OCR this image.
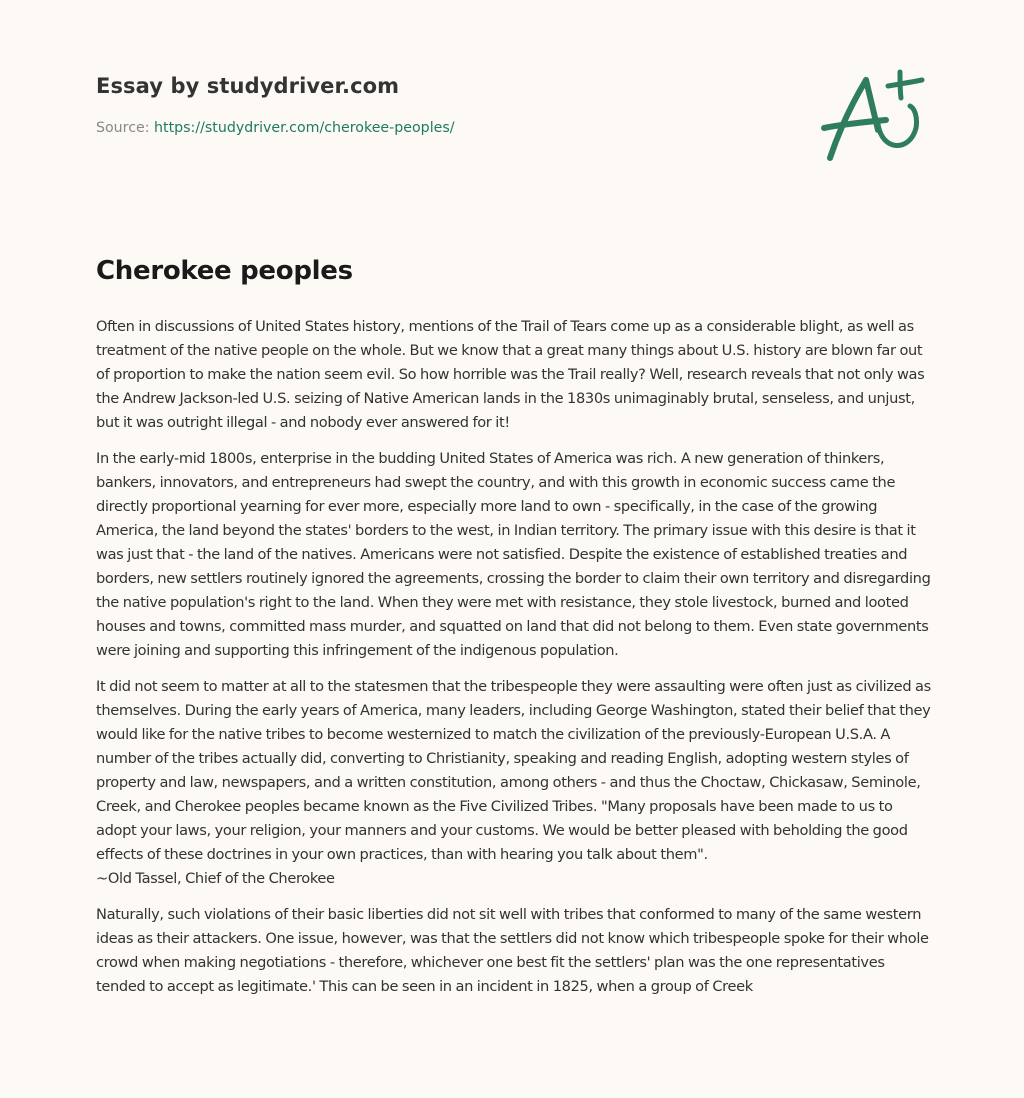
Essay by studydriver.com
Source: https://studydriver.com/cherokee-peoples/
Cherokee peoples

Often in discussions of United States history, mentions of the Trail of Tears come up as a considerable blight, as well as treatment of the native people on the whole. But we know that a great many things about U.S. history are blown far out of proportion to make the nation seem evil. So how horrible was the Trail really? Well, research reveals that not only was the Andrew Jackson-led U.S. seizing of Native American lands in the 1830s unimaginably brutal, senseless, and unjust, but it was outright illegal - and nobody ever answered for it!

In the early-mid 1800s, enterprise in the budding United States of America was rich. A new generation of thinkers, bankers, innovators, and entrepreneurs had swept the country, and with this growth in economic success came the directly proportional yearning for ever more, especially more land to own - specifically, in the case of the growing America, the land beyond the states' borders to the west, in Indian territory. The primary issue with this desire is that it was just that - the land of the natives. Americans were not satisfied. Despite the existence of established treaties and borders, new settlers routinely ignored the agreements, crossing the border to claim their own territory and disregarding the native population's right to the land. When they were met with resistance, they stole livestock, burned and looted houses and towns, committed mass murder, and squatted on land that did not belong to them. Even state governments were joining and supporting this infringement of the indigenous population.

It did not seem to matter at all to the statesmen that the tribespeople they were assaulting were often just as civilized as themselves. During the early years of America, many leaders, including George Washington, stated their belief that they would like for the native tribes to become westernized to match the civilization of the previously-European U.S.A. A number of the tribes actually did, converting to Christianity, speaking and reading English, adopting western styles of property and law, newspapers, and a written constitution, among others - and thus the Choctaw, Chickasaw, Seminole, Creek, and Cherokee peoples became known as the Five Civilized Tribes. "Many proposals have been made to us to adopt your laws, your religion, your manners and your customs. We would be better pleased with beholding the good effects of these doctrines in your own practices, than with hearing you talk about them".
~Old Tassel, Chief of the Cherokee

Naturally, such violations of their basic liberties did not sit well with tribes that conformed to many of the same western ideas as their attackers. One issue, however, was that the settlers did not know which tribespeople spoke for their whole crowd when making negotiations - therefore, whichever one best fit the settlers' plan was the one representatives tended to accept as legitimate.' This can be seen in an incident in 1825, when a group of Creek
